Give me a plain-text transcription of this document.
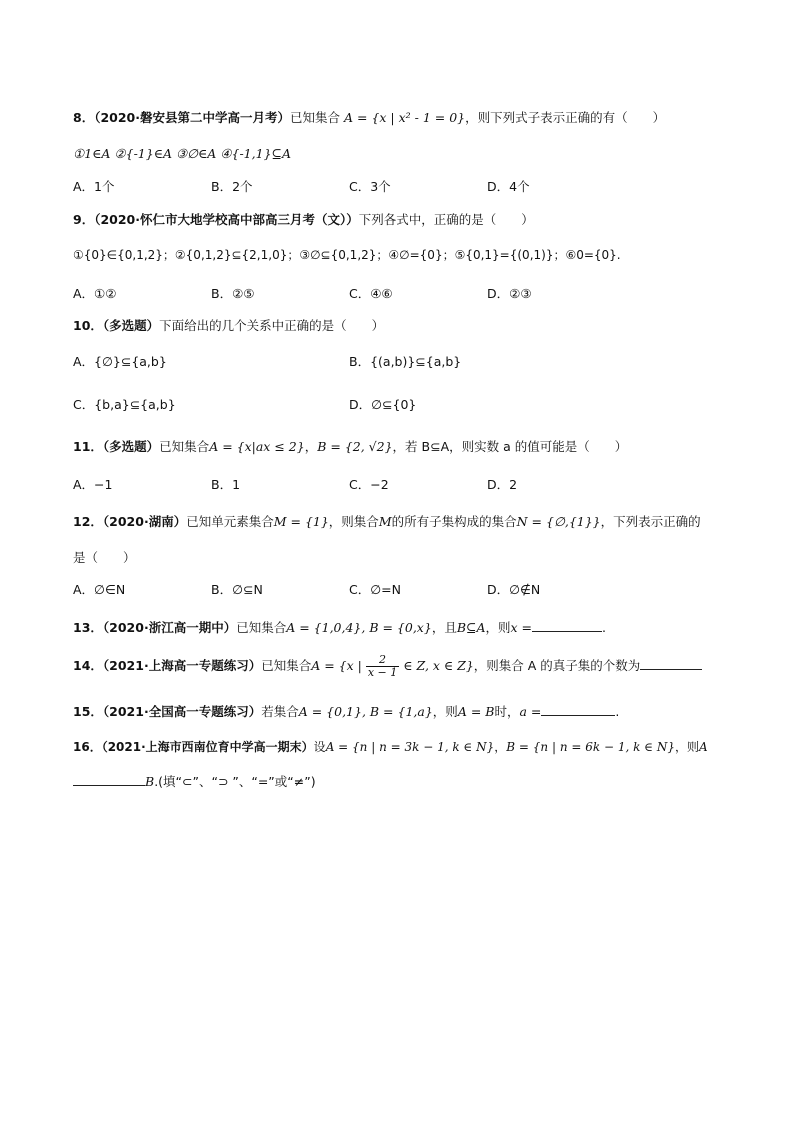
8．（2020·磐安县第二中学高一月考）已知集合 A = {x | x² - 1 = 0}，则下列式子表示正确的有（　　）
①1∈A ②{-1}∈A ③∅∈A ④{-1,1}⊆A
A．1个	B．2个	C．3个	D．4个
9．（2020·怀仁市大地学校高中部高三月考（文））下列各式中，正确的是（　　）
①{0}∈{0,1,2}；②{0,1,2}⊆{2,1,0}；③∅⊆{0,1,2}；④∅={0}；⑤{0,1}={(0,1)}；⑥0={0}.
A．①②	B．②⑤	C．④⑥	D．②③
10．（多选题）下面给出的几个关系中正确的是（　　）
A．{∅}⊆{a,b}	B．{(a,b)}⊆{a,b}
C．{b,a}⊆{a,b}	D．∅⊆{0}
11．（多选题）已知集合A = {x|ax ≤ 2}，B = {2, √2}，若 B⊆A，则实数 a 的值可能是（　　）
A．−1	B．1	C．−2	D．2
12．（2020·湖南）已知单元素集合M = {1}，则集合M的所有子集构成的集合N = {∅,{1}}，下列表示正确的
是（　　）
A．∅∈N	B．∅⊆N	C．∅=N	D．∅∉N
13．（2020·浙江高一期中）已知集合A = {1,0,4}, B = {0,x}，且B⊆A，则x =	.
14．（2021·上海高一专题练习）已知集合A = {x | $\frac{2}{x - 1}$ ∈ Z, x ∈ Z}，则集合 A 的真子集的个数为
15．（2021·全国高一专题练习）若集合A = {0,1}, B = {1,a}，则A = B时，a =	.
16．（2021·上海市西南位育中学高一期末）设A = {n | n = 3k − 1, k ∈ N}，B = {n | n = 6k − 1, k ∈ N}，则A
B.(填“⊂”、“⊃ ”、“=”或“≠”)
